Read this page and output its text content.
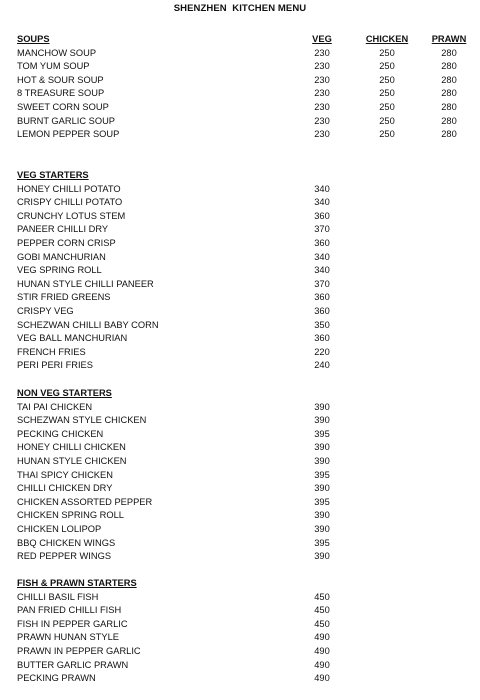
SHENZHEN  KITCHEN MENU
SOUPS	VEG	CHICKEN	PRAWN
MANCHOW SOUP	230	250	280
TOM YUM SOUP	230	250	280
HOT & SOUR SOUP	230	250	280
8 TREASURE SOUP	230	250	280
SWEET CORN SOUP	230	250	280
BURNT GARLIC SOUP	230	250	280
LEMON PEPPER SOUP	230	250	280
VEG STARTERS
HONEY CHILLI POTATO	340
CRISPY CHILLI POTATO	340
CRUNCHY LOTUS STEM	360
PANEER CHILLI DRY	370
PEPPER CORN CRISP	360
GOBI MANCHURIAN	340
VEG SPRING ROLL	340
HUNAN STYLE CHILLI PANEER	370
STIR FRIED GREENS	360
CRISPY VEG	360
SCHEZWAN CHILLI BABY CORN	350
VEG BALL MANCHURIAN	360
FRENCH FRIES	220
PERI PERI FRIES	240
NON VEG STARTERS
TAI PAI CHICKEN	390
SCHEZWAN STYLE CHICKEN	390
PECKING CHICKEN	395
HONEY CHILLI CHICKEN	390
HUNAN STYLE CHICKEN	390
THAI SPICY CHICKEN	395
CHILLI CHICKEN DRY	390
CHICKEN ASSORTED PEPPER	395
CHICKEN SPRING ROLL	390
CHICKEN LOLIPOP	390
BBQ CHICKEN WINGS	395
RED PEPPER WINGS	390
FISH & PRAWN STARTERS
CHILLI BASIL FISH	450
PAN FRIED CHILLI FISH	450
FISH IN PEPPER GARLIC	450
PRAWN HUNAN STYLE	490
PRAWN IN PEPPER GARLIC	490
BUTTER GARLIC PRAWN	490
PECKING PRAWN	490
